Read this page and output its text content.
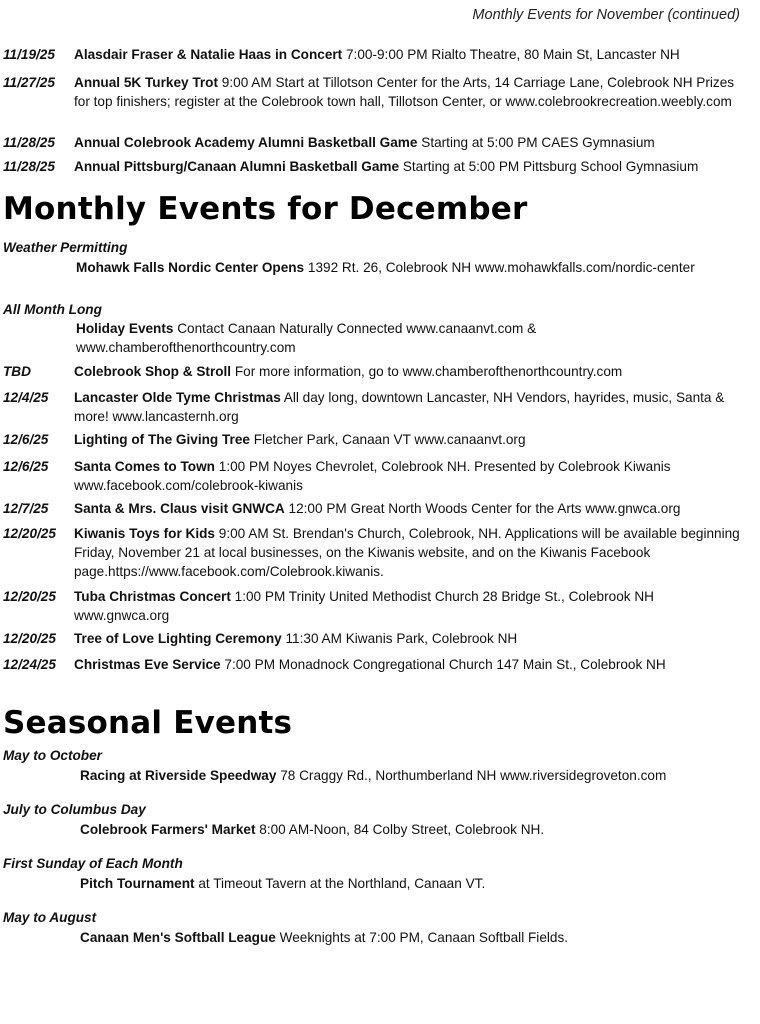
Monthly Events for November (continued)
11/19/25	Alasdair Fraser & Natalie Haas in Concert 7:00-9:00 PM Rialto Theatre, 80 Main St, Lancaster NH
11/27/25	Annual 5K Turkey Trot 9:00 AM Start at Tillotson Center for the Arts, 14 Carriage Lane, Colebrook NH Prizes for top finishers; register at the Colebrook town hall, Tillotson Center, or www.colebrookrecreation.weebly.com
11/28/25	Annual Colebrook Academy Alumni Basketball Game Starting at 5:00 PM CAES Gymnasium
11/28/25	Annual Pittsburg/Canaan Alumni Basketball Game Starting at 5:00 PM Pittsburg School Gymnasium
Monthly Events for December
Weather Permitting
Mohawk Falls Nordic Center Opens 1392 Rt. 26, Colebrook NH www.mohawkfalls.com/nordic-center
All Month Long
Holiday Events Contact Canaan Naturally Connected www.canaanvt.com & www.chamberofthenorthcountry.com
TBD	Colebrook Shop & Stroll For more information, go to www.chamberofthenorthcountry.com
12/4/25	Lancaster Olde Tyme Christmas All day long, downtown Lancaster, NH Vendors, hayrides, music, Santa & more! www.lancasternh.org
12/6/25	Lighting of The Giving Tree Fletcher Park, Canaan VT www.canaanvt.org
12/6/25	Santa Comes to Town 1:00 PM Noyes Chevrolet, Colebrook NH. Presented by Colebrook Kiwanis www.facebook.com/colebrook-kiwanis
12/7/25	Santa & Mrs. Claus visit GNWCA 12:00 PM Great North Woods Center for the Arts www.gnwca.org
12/20/25	Kiwanis Toys for Kids 9:00 AM St. Brendan's Church, Colebrook, NH. Applications will be available beginning Friday, November 21 at local businesses, on the Kiwanis website, and on the Kiwanis Facebook page.https://www.facebook.com/Colebrook.kiwanis.
12/20/25	Tuba Christmas Concert 1:00 PM Trinity United Methodist Church 28 Bridge St., Colebrook NH www.gnwca.org
12/20/25	Tree of Love Lighting Ceremony 11:30 AM Kiwanis Park, Colebrook NH
12/24/25	Christmas Eve Service 7:00 PM Monadnock Congregational Church 147 Main St., Colebrook NH
Seasonal Events
May to October
Racing at Riverside Speedway 78 Craggy Rd., Northumberland NH www.riversidegroveton.com
July to Columbus Day
Colebrook Farmers' Market 8:00 AM-Noon, 84 Colby Street, Colebrook NH.
First Sunday of Each Month
Pitch Tournament at Timeout Tavern at the Northland, Canaan VT.
May to August
Canaan Men's Softball League Weeknights at 7:00 PM, Canaan Softball Fields.
